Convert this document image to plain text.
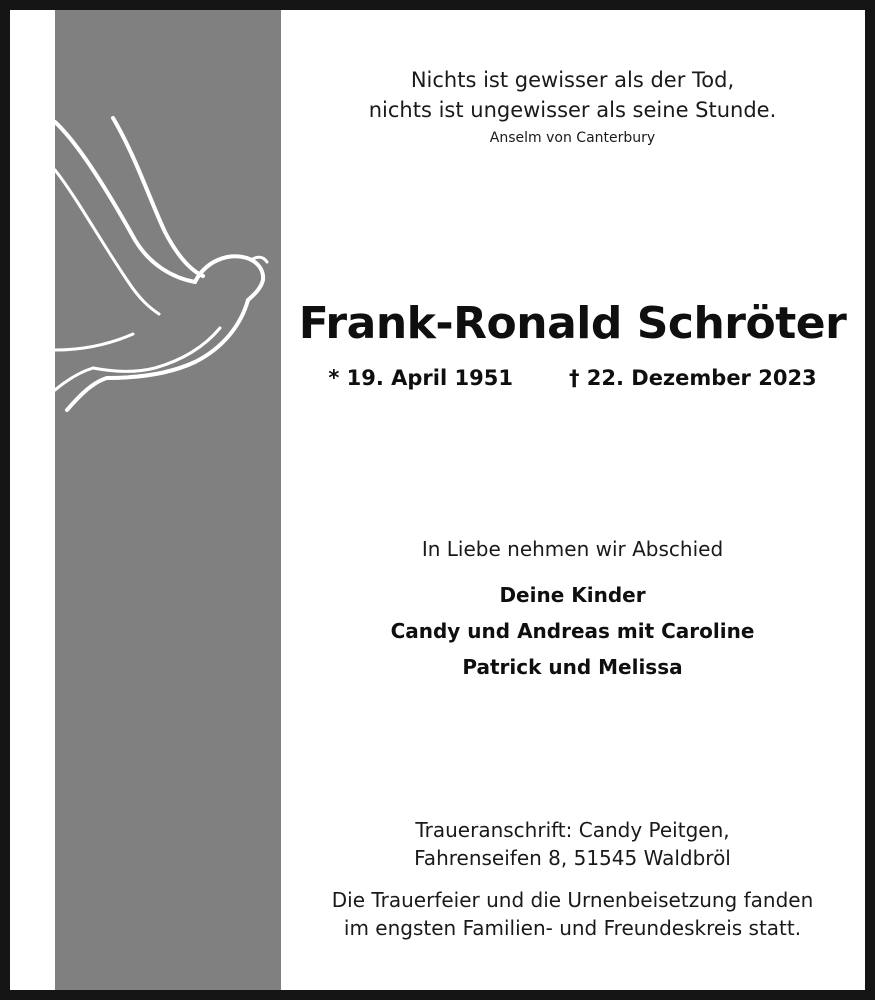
Nichts ist gewisser als der Tod,
nichts ist ungewisser als seine Stunde.
Anselm von Canterbury
Frank-Ronald Schröter
* 19. April 1951	† 22. Dezember 2023
In Liebe nehmen wir Abschied
Deine Kinder
Candy und Andreas mit Caroline
Patrick und Melissa
Traueranschrift: Candy Peitgen,
Fahrenseifen 8, 51545 Waldbröl
Die Trauerfeier und die Urnenbeisetzung fanden
im engsten Familien- und Freundeskreis statt.
